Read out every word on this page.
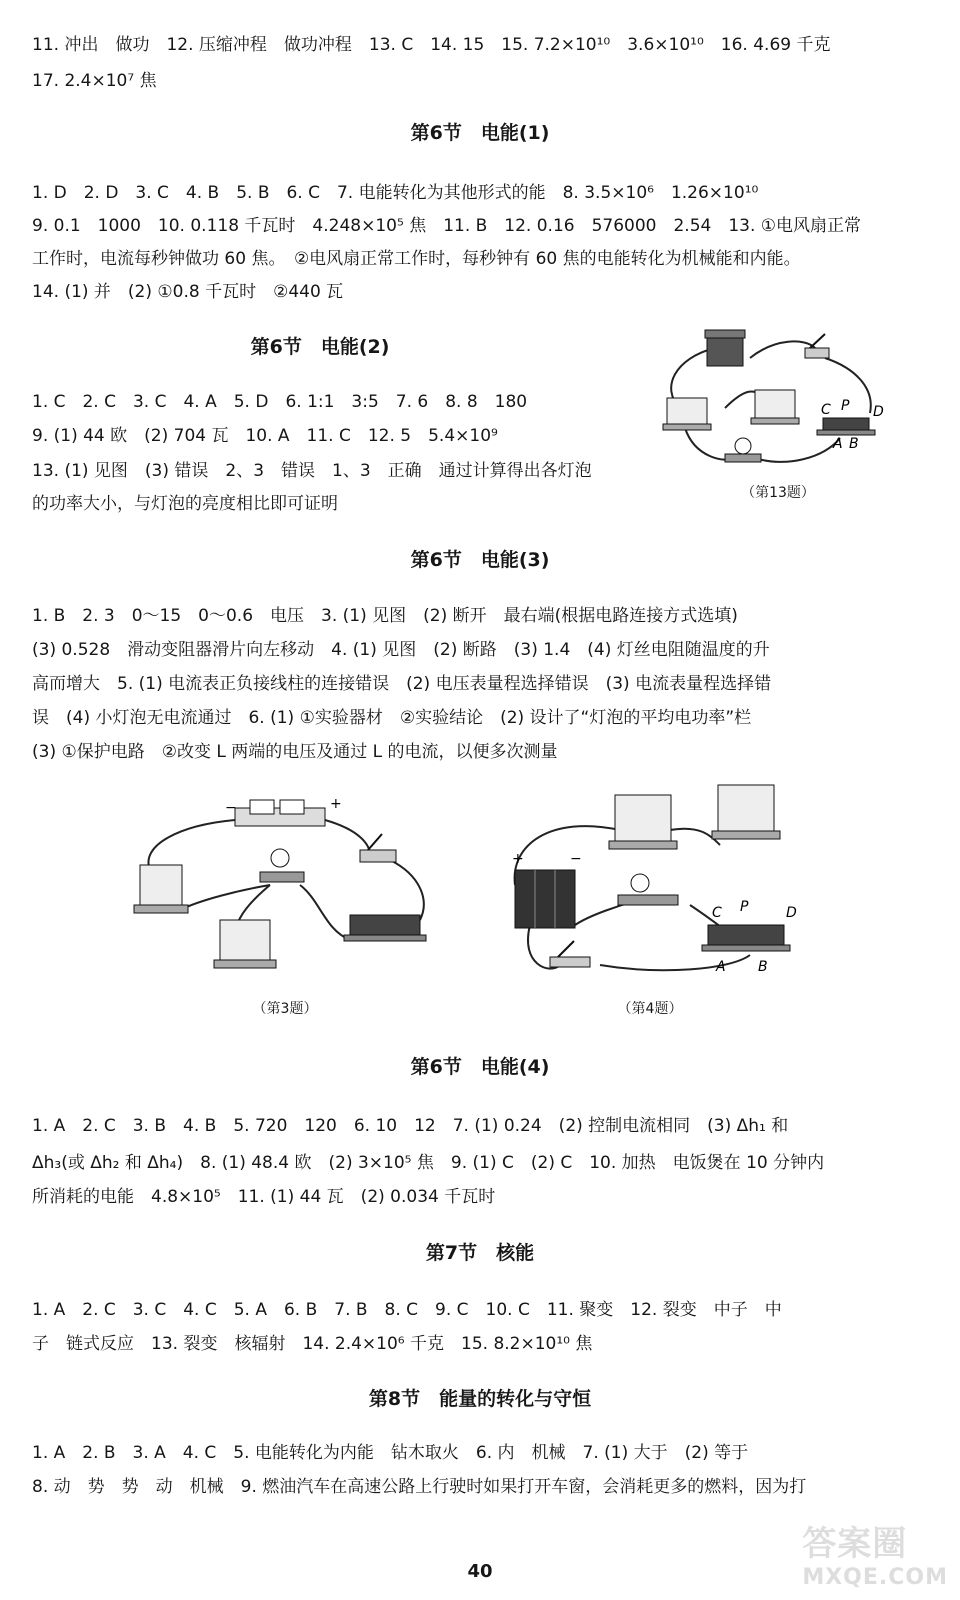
11. 冲出　做功　12. 压缩冲程　做功冲程　13. C　14. 15　15. 7.2×10¹⁰　3.6×10¹⁰　16. 4.69 千克
17. 2.4×10⁷ 焦
第6节　电能(1)
1. D　2. D　3. C　4. B　5. B　6. C　7. 电能转化为其他形式的能　8. 3.5×10⁶　1.26×10¹⁰
9. 0.1　1000　10. 0.118 千瓦时　4.248×10⁵ 焦　11. B　12. 0.16　576000　2.54　13. ①电风扇正常
工作时，电流每秒钟做功 60 焦。　②电风扇正常工作时，每秒钟有 60 焦的电能转化为机械能和内能。
14. (1) 并　(2) ①0.8 千瓦时　②440 瓦
第6节　电能(2)
1. C　2. C　3. C　4. A　5. D　6. 1:1　3:5　7. 6　8. 8　180
9. (1) 44 欧　(2) 704 瓦　10. A　11. C　12. 5　5.4×10⁹
13. (1) 见图　(3) 错误　2、3　错误　1、3　正确　通过计算得出各灯泡
的功率大小，与灯泡的亮度相比即可证明
C P D
A B
（第13题）
第6节　电能(3)
1. B　2. 3　0～15　0～0.6　电压　3. (1) 见图　(2) 断开　最右端(根据电路连接方式选填)
(3) 0.528　滑动变阻器滑片向左移动　4. (1) 见图　(2) 断路　(3) 1.4　(4) 灯丝电阻随温度的升
高而增大　5. (1) 电流表正负接线柱的连接错误　(2) 电压表量程选择错误　(3) 电流表量程选择错
误　(4) 小灯泡无电流通过　6. (1) ①实验器材　②实验结论　(2) 设计了“灯泡的平均电功率”栏
(3) ①保护电路　②改变 L 两端的电压及通过 L 的电流，以便多次测量
−	+
（第3题）
+	−
C P	D
A B
（第4题）
第6节　电能(4)
1. A　2. C　3. B　4. B　5. 720　120　6. 10　12　7. (1) 0.24　(2) 控制电流相同　(3) Δh₁ 和
Δh₃(或 Δh₂ 和 Δh₄)　8. (1) 48.4 欧　(2) 3×10⁵ 焦　9. (1) C　(2) C　10. 加热　电饭煲在 10 分钟内
所消耗的电能　4.8×10⁵　11. (1) 44 瓦　(2) 0.034 千瓦时
第7节　核能
1. A　2. C　3. C　4. C　5. A　6. B　7. B　8. C　9. C　10. C　11. 聚变　12. 裂变　中子　中
子　链式反应　13. 裂变　核辐射　14. 2.4×10⁶ 千克　15. 8.2×10¹⁰ 焦
第8节　能量的转化与守恒
1. A　2. B　3. A　4. C　5. 电能转化为内能　钻木取火　6. 内　机械　7. (1) 大于　(2) 等于
8. 动　势　势　动　机械　9. 燃油汽车在高速公路上行驶时如果打开车窗，会消耗更多的燃料，因为打
40
答案圈
MXQE.COM
